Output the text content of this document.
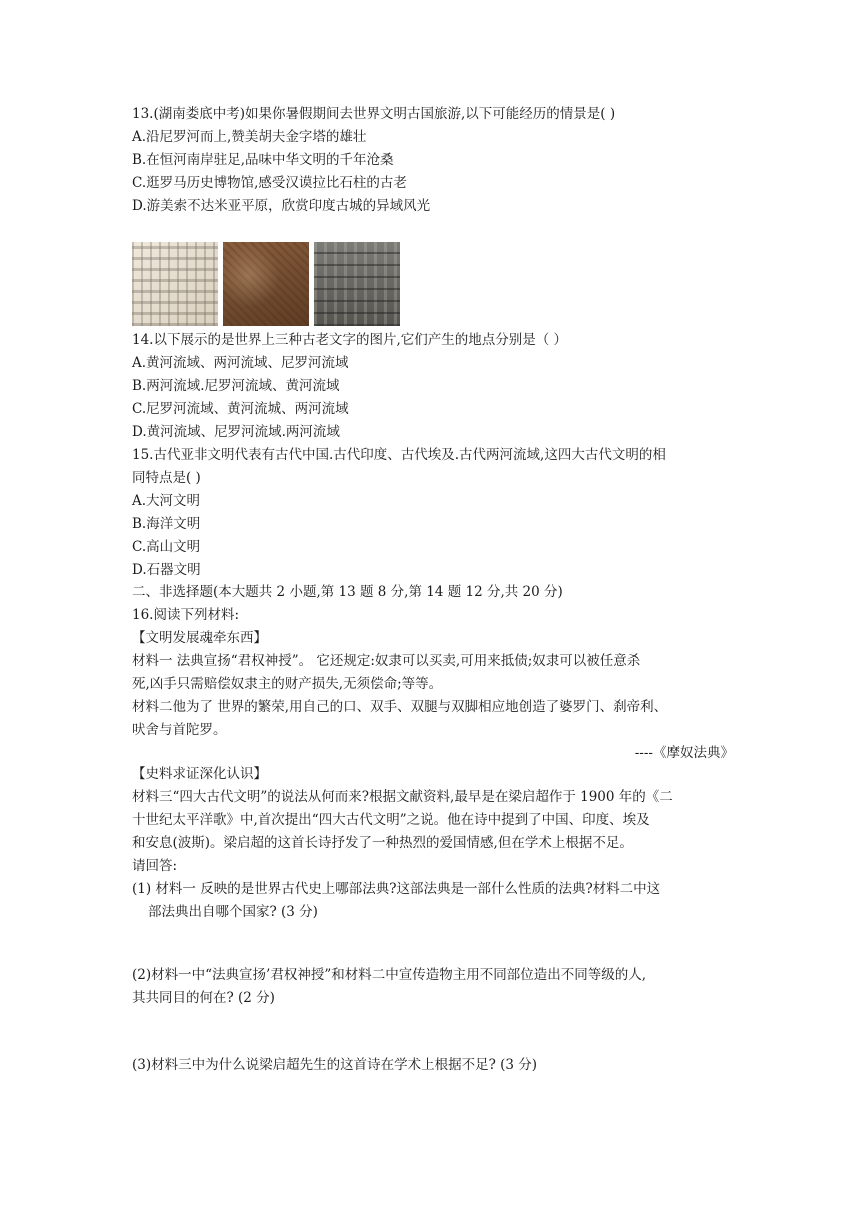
13.(湖南娄底中考)如果你暑假期间去世界文明古国旅游,以下可能经历的情景是( )
A.沿尼罗河而上,赞美胡夫金字塔的雄壮
B.在恒河南岸驻足,品味中华文明的千年沧桑
C.逛罗马历史博物馆,感受汉谟拉比石柱的古老
D.游美索不达米亚平原，欣赏印度古城的异域风光
14.以下展示的是世界上三种古老文字的图片,它们产生的地点分别是（ ）
A.黄河流域、两河流域、尼罗河流域
B.两河流域.尼罗河流域、黄河流域
C.尼罗河流域、黄河流城、两河流域
D.黄河流域、尼罗河流域.两河流域
15.古代亚非文明代表有古代中国.古代印度、古代埃及.古代两河流域,这四大古代文明的相
同特点是( )
A.大河文明
B.海洋文明
C.高山文明
D.石器文明
二、非选择题(本大题共 2 小题,第 13 题 8 分,第 14 题 12 分,共 20 分)
16.阅读下列材料:
【文明发展魂牵东西】
材料一 法典宣扬“君权神授”。 它还规定:奴隶可以买卖,可用来抵债;奴隶可以被任意杀
死,凶手只需赔偿奴隶主的财产损失,无须偿命;等等。
材料二他为了 世界的繁荣,用自己的口、双手、双腿与双脚相应地创造了婆罗门、刹帝利、
吠舍与首陀罗。
----《摩奴法典》
【史料求证深化认识】
材料三“四大古代文明”的说法从何而来?根据文献资料,最早是在梁启超作于 1900 年的《二
十世纪太平洋歌》中,首次提出“四大古代文明”之说。他在诗中提到了中国、印度、埃及
和安息(波斯)。梁启超的这首长诗抒发了一种热烈的爱国情感,但在学术上根据不足。
请回答:
(1) 材料一 反映的是世界古代史上哪部法典?这部法典是一部什么性质的法典?材料二中这
部法典出自哪个国家? (3 分)
(2)材料一中“法典宣扬’君权神授”和材料二中宣传造物主用不同部位造出不同等级的人,
其共同目的何在? (2 分)
(3)材料三中为什么说梁启超先生的这首诗在学术上根据不足? (3 分)
